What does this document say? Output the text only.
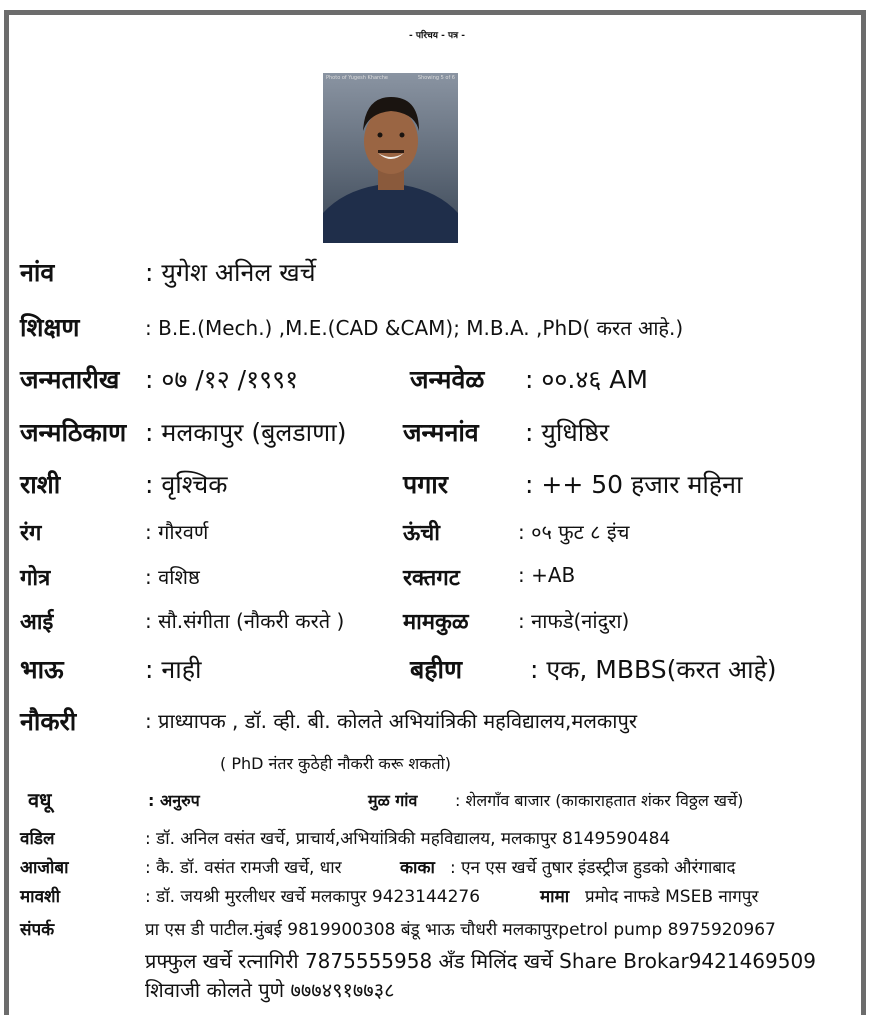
- परिचय - पत्र -
Photo of Yugesh Kharche	Showing 5 of 6
नांव	: युगेश अनिल खर्चे
शिक्षण	: B.E.(Mech.) ,M.E.(CAD &CAM); M.B.A. ,PhD( करत आहे.)
जन्मतारीख : ०७ /१२ /१९९१	जन्मवेळ : ००.४६ AM
जन्मठिकाण : मलकापुर (बुलडाणा) जन्मनांव : युधिष्ठिर
राशी	: वृश्चिक	पगार	: ++ 50 हजार महिना
रंग	: गौरवर्ण	ऊंची	: ०५ फुट ८ इंच
गोत्र	: वशिष्ठ	रक्तगट	: +AB
आई	: सौ.संगीता (नौकरी करते )	मामकुळ : नाफडे(नांदुरा)
भाऊ	: नाही	बहीण	: एक, MBBS(करत आहे)
नौकरी	: प्राध्यापक , डॉ. व्ही. बी. कोलते अभियांत्रिकी महविद्यालय,मलकापुर
( PhD नंतर कुठेही नौकरी करू शकतो)
वधू	: अनुरुप	मुळ गांव : शेलगाँव बाजार (काकाराहतात शंकर विठ्ठल खर्चे)
वडिल	: डॉ. अनिल वसंत खर्चे, प्राचार्य,अभियांत्रिकी महविद्यालय, मलकापुर 8149590484
आजोबा	: कै. डॉ. वसंत रामजी खर्चे, धार	काका : एन एस खर्चे तुषार इंडस्ट्रीज हुडको औरंगाबाद
मावशी	: डॉ. जयश्री मुरलीधर खर्चे मलकापुर 9423144276	मामा प्रमोद नाफडे MSEB नागपुर
संपर्क	प्रा एस डी पाटील.मुंबई 9819900308 बंडू भाऊ चौधरी मलकापुरpetrol pump 8975920967
प्रफ्फुल खर्चे रत्नागिरी 7875555958 अँड मिलिंद खर्चे Share Brokar9421469509
शिवाजी कोलते पुणे ७७७४९१७७३८
